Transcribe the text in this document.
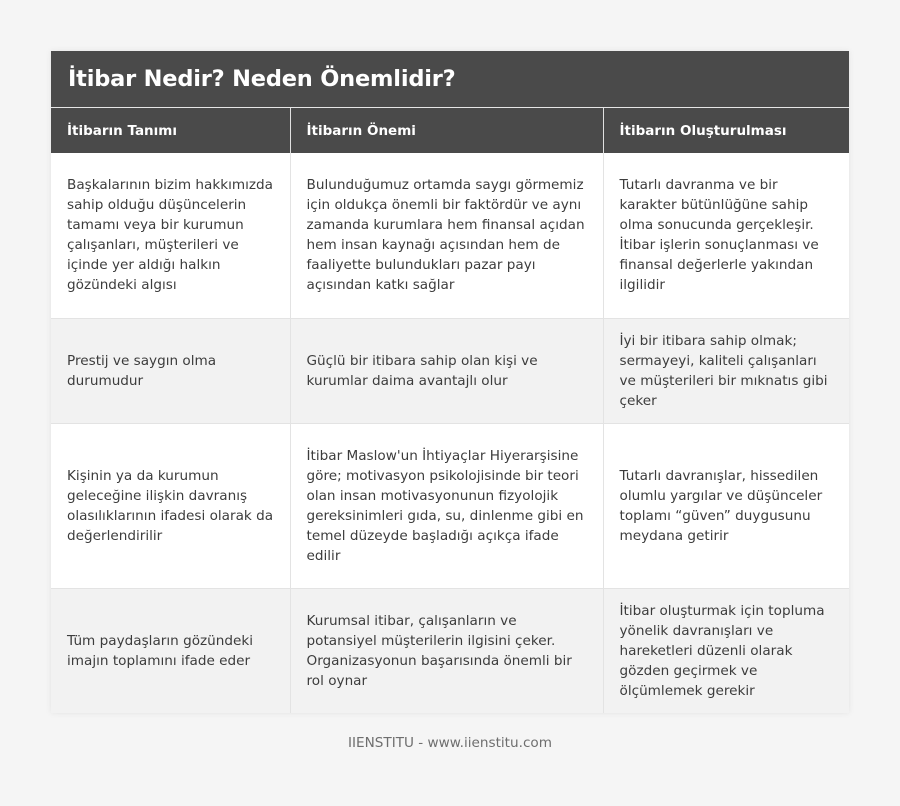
İtibar Nedir? Neden Önemlidir?
İtibarın Tanımı	İtibarın Önemi	İtibarın Oluşturulması
Başkalarının bizim hakkımızda sahip olduğu düşüncelerin tamamı veya bir kurumun çalışanları, müşterileri ve içinde yer aldığı halkın gözündeki algısı	Bulunduğumuz ortamda saygı görmemiz için oldukça önemli bir faktördür ve aynı zamanda kurumlara hem finansal açıdan hem insan kaynağı açısından hem de faaliyette bulundukları pazar payı açısından katkı sağlar	Tutarlı davranma ve bir karakter bütünlüğüne sahip olma sonucunda gerçekleşir. İtibar işlerin sonuçlanması ve finansal değerlerle yakından ilgilidir
Prestij ve saygın olma durumudur	Güçlü bir itibara sahip olan kişi ve kurumlar daima avantajlı olur	İyi bir itibara sahip olmak; sermayeyi, kaliteli çalışanları ve müşterileri bir mıknatıs gibi çeker
Kişinin ya da kurumun geleceğine ilişkin davranış olasılıklarının ifadesi olarak da değerlendirilir	İtibar Maslow'un İhtiyaçlar Hiyerarşisine göre; motivasyon psikolojisinde bir teori olan insan motivasyonunun fizyolojik gereksinimleri gıda, su, dinlenme gibi en temel düzeyde başladığı açıkça ifade edilir	Tutarlı davranışlar, hissedilen olumlu yargılar ve düşünceler toplamı “güven” duygusunu meydana getirir
Tüm paydaşların gözündeki imajın toplamını ifade eder	Kurumsal itibar, çalışanların ve potansiyel müşterilerin ilgisini çeker. Organizasyonun başarısında önemli bir rol oynar	İtibar oluşturmak için topluma yönelik davranışları ve hareketleri düzenli olarak gözden geçirmek ve ölçümlemek gerekir
IIENSTITU - www.iienstitu.com
